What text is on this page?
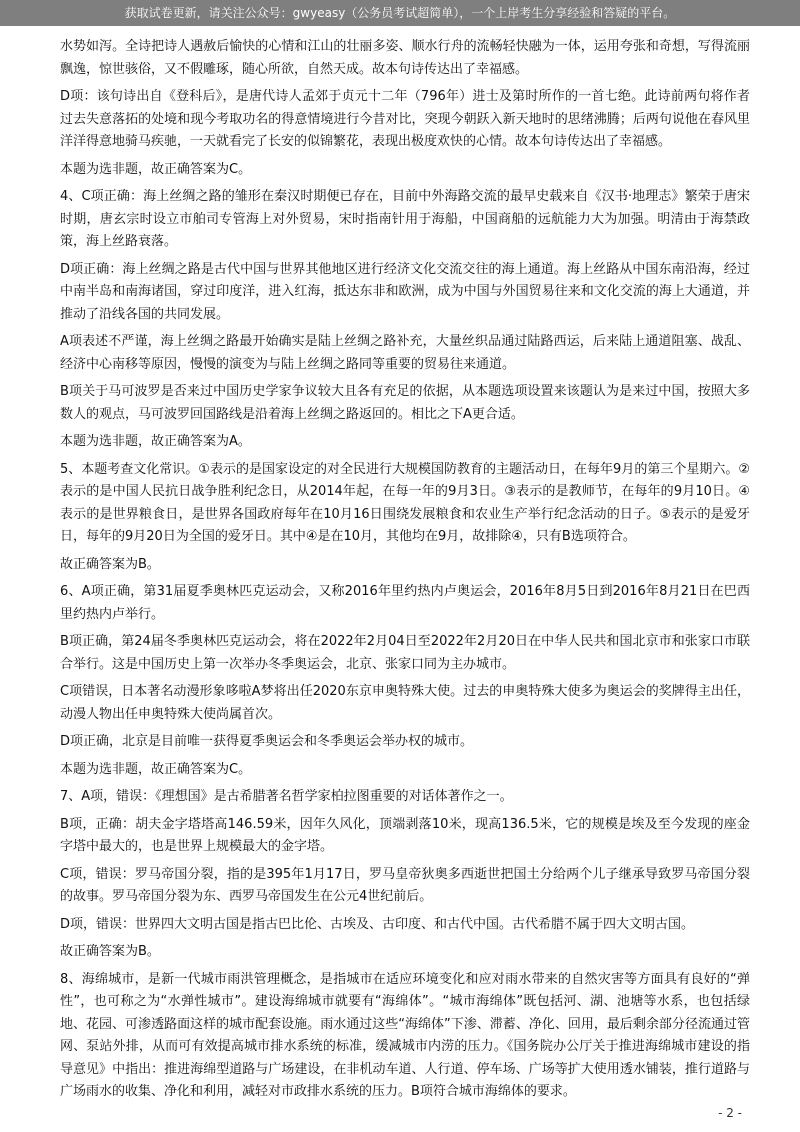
获取试卷更新，请关注公众号：gwyeasy（公务员考试超简单），一个上岸考生分享经验和答疑的平台。

水势如泻。全诗把诗人遇赦后愉快的心情和江山的壮丽多姿、顺水行舟的流畅轻快融为一体，运用夸张和奇想，写得流丽飘逸，惊世骇俗，又不假雕琢，随心所欲，自然天成。故本句诗传达出了幸福感。

D项：该句诗出自《登科后》，是唐代诗人孟郊于贞元十二年（796年）进士及第时所作的一首七绝。此诗前两句将作者过去失意落拓的处境和现今考取功名的得意情境进行今昔对比，突现今朝跃入新天地时的思绪沸腾；后两句说他在春风里洋洋得意地骑马疾驰，一天就看完了长安的似锦繁花，表现出极度欢快的心情。故本句诗传达出了幸福感。

本题为选非题，故正确答案为C。

4、C项正确：海上丝绸之路的雏形在秦汉时期便已存在，目前中外海路交流的最早史载来自《汉书·地理志》繁荣于唐宋时期，唐玄宗时设立市舶司专管海上对外贸易，宋时指南针用于海船，中国商船的远航能力大为加强。明清由于海禁政策，海上丝路衰落。

D项正确：海上丝绸之路是古代中国与世界其他地区进行经济文化交流交往的海上通道。海上丝路从中国东南沿海，经过中南半岛和南海诸国，穿过印度洋，进入红海，抵达东非和欧洲，成为中国与外国贸易往来和文化交流的海上大通道，并推动了沿线各国的共同发展。

A项表述不严谨，海上丝绸之路最开始确实是陆上丝绸之路补充，大量丝织品通过陆路西运，后来陆上通道阻塞、战乱、经济中心南移等原因，慢慢的演变为与陆上丝绸之路同等重要的贸易往来通道。

B项关于马可波罗是否来过中国历史学家争议较大且各有充足的依据，从本题选项设置来该题认为是来过中国，按照大多数人的观点，马可波罗回国路线是沿着海上丝绸之路返回的。相比之下A更合适。

本题为选非题，故正确答案为A。

5、本题考查文化常识。①表示的是国家设定的对全民进行大规模国防教育的主题活动日，在每年9月的第三个星期六。②表示的是中国人民抗日战争胜利纪念日，从2014年起，在每一年的9月3日。③表示的是教师节，在每年的9月10日。④表示的是世界粮食日，是世界各国政府每年在10月16日围绕发展粮食和农业生产举行纪念活动的日子。⑤表示的是爱牙日，每年的9月20日为全国的爱牙日。其中④是在10月，其他均在9月，故排除④，只有B选项符合。

故正确答案为B。

6、A项正确，第31届夏季奥林匹克运动会，又称2016年里约热内卢奥运会，2016年8月5日到2016年8月21日在巴西里约热内卢举行。

B项正确，第24届冬季奥林匹克运动会，将在2022年2月04日至2022年2月20日在中华人民共和国北京市和张家口市联合举行。这是中国历史上第一次举办冬季奥运会，北京、张家口同为主办城市。

C项错误，日本著名动漫形象哆啦A梦将出任2020东京申奥特殊大使。过去的申奥特殊大使多为奥运会的奖牌得主出任，动漫人物出任申奥特殊大使尚属首次。

D项正确，北京是目前唯一获得夏季奥运会和冬季奥运会举办权的城市。

本题为选非题，故正确答案为C。

7、A项，错误：《理想国》是古希腊著名哲学家柏拉图重要的对话体著作之一。

B项，正确：胡夫金字塔塔高146.59米，因年久风化，顶端剥落10米，现高136.5米，它的规模是埃及至今发现的座金字塔中最大的，也是世界上规模最大的金字塔。

C项，错误：罗马帝国分裂，指的是395年1月17日，罗马皇帝狄奥多西逝世把国土分给两个儿子继承导致罗马帝国分裂的故事。罗马帝国分裂为东、西罗马帝国发生在公元4世纪前后。

D项，错误：世界四大文明古国是指古巴比伦、古埃及、古印度、和古代中国。古代希腊不属于四大文明古国。

故正确答案为B。

8、海绵城市，是新一代城市雨洪管理概念，是指城市在适应环境变化和应对雨水带来的自然灾害等方面具有良好的“弹性”，也可称之为“水弹性城市”。建设海绵城市就要有“海绵体”。“城市海绵体”既包括河、湖、池塘等水系，也包括绿地、花园、可渗透路面这样的城市配套设施。雨水通过这些“海绵体”下渗、滞蓄、净化、回用，最后剩余部分径流通过管网、泵站外排，从而可有效提高城市排水系统的标准，缓减城市内涝的压力。《国务院办公厅关于推进海绵城市建设的指导意见》中指出：推进海绵型道路与广场建设，在非机动车道、人行道、停车场、广场等扩大使用透水铺装，推行道路与广场雨水的收集、净化和利用，减轻对市政排水系统的压力。B项符合城市海绵体的要求。

- 2 -
